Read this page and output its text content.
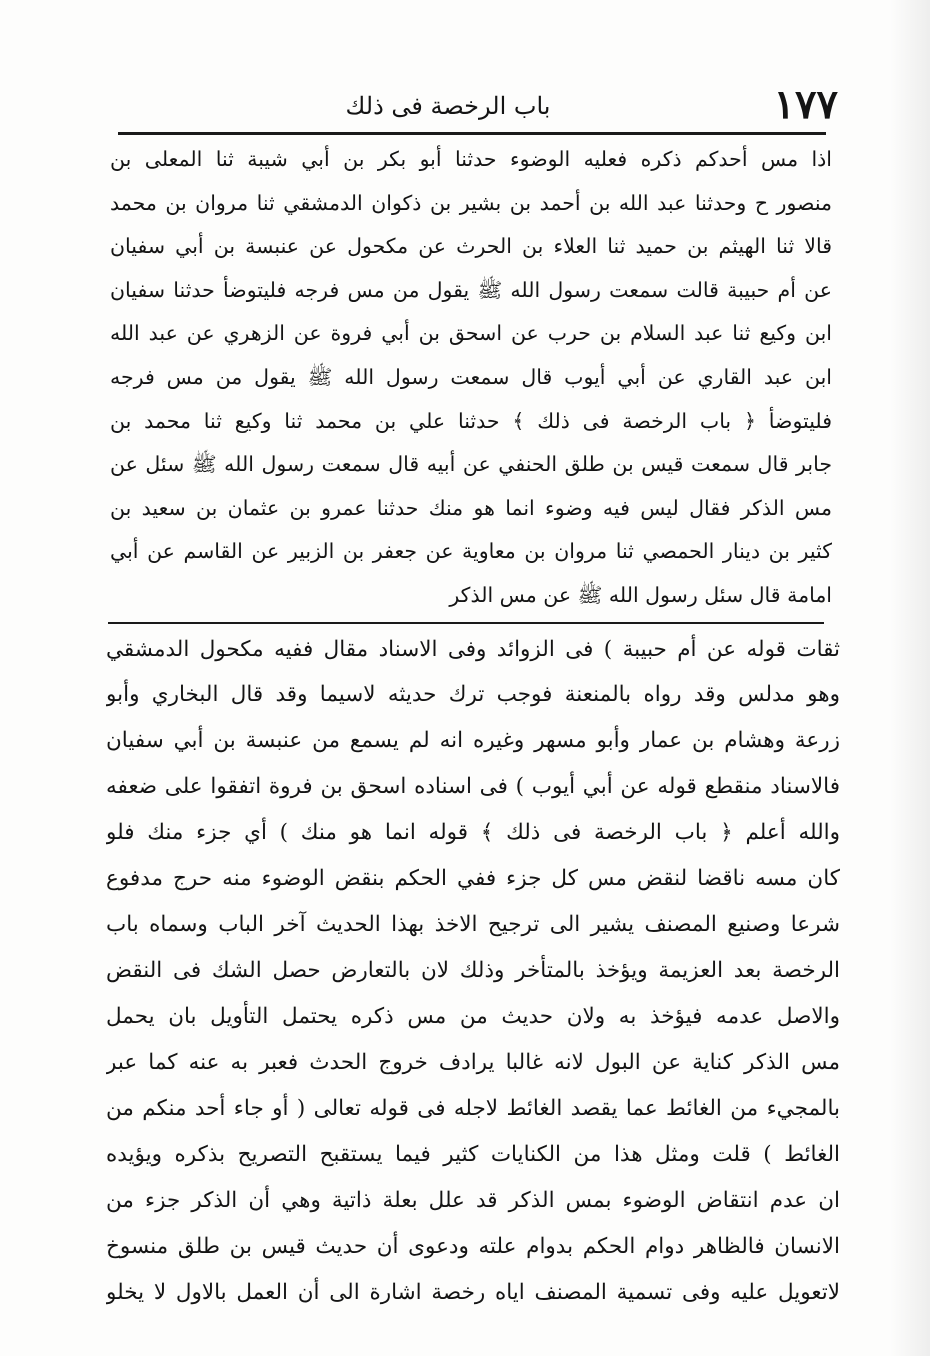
١٧٧
باب الرخصة فى ذلك
اذا مس أحدكم ذكره فعليه الوضوء حدثنا أبو بكر بن أبي شيبة ثنا المعلى بن
منصور ح وحدثنا عبد الله بن أحمد بن بشير بن ذكوان الدمشقي ثنا مروان بن محمد
قالا ثنا الهيثم بن حميد ثنا العلاء بن الحرث عن مكحول عن عنبسة بن أبي سفيان
عن أم حبيبة قالت سمعت رسول الله ﷺ يقول من مس فرجه فليتوضأ حدثنا سفيان
ابن وكيع ثنا عبد السلام بن حرب عن اسحق بن أبي فروة عن الزهري عن عبد الله
ابن عبد القاري عن أبي أيوب قال سمعت رسول الله ﷺ يقول من مس فرجه
فليتوضأ ﴿ باب الرخصة فى ذلك ﴾ حدثنا علي بن محمد ثنا وكيع ثنا محمد بن
جابر قال سمعت قيس بن طلق الحنفي عن أبيه قال سمعت رسول الله ﷺ سئل عن
مس الذكر فقال ليس فيه وضوء انما هو منك حدثنا عمرو بن عثمان بن سعيد بن
كثير بن دينار الحمصي ثنا مروان بن معاوية عن جعفر بن الزبير عن القاسم عن أبي
امامة قال سئل رسول الله ﷺ عن مس الذكر
ثقات قوله عن أم حبيبة ) فى الزوائد وفى الاسناد مقال ففيه مكحول الدمشقي
وهو مدلس وقد رواه بالمنعنة فوجب ترك حديثه لاسيما وقد قال البخاري وأبو
زرعة وهشام بن عمار وأبو مسهر وغيره انه لم يسمع من عنبسة بن أبي سفيان
فالاسناد منقطع قوله عن أبي أيوب ) فى اسناده اسحق بن فروة اتفقوا على ضعفه
والله أعلم ﴿ باب الرخصة فى ذلك ﴾ قوله انما هو منك ) أي جزء منك فلو
كان مسه ناقضا لنقض مس كل جزء ففي الحكم بنقض الوضوء منه حرج مدفوع
شرعا وصنيع المصنف يشير الى ترجيح الاخذ بهذا الحديث آخر الباب وسماه باب
الرخصة بعد العزيمة ويؤخذ بالمتأخر وذلك لان بالتعارض حصل الشك فى النقض
والاصل عدمه فيؤخذ به ولان حديث من مس ذكره يحتمل التأويل بان يحمل
مس الذكر كناية عن البول لانه غالبا يرادف خروج الحدث فعبر به عنه كما عبر
بالمجيء من الغائط عما يقصد الغائط لاجله فى قوله تعالى ( أو جاء أحد منكم من
الغائط ) قلت ومثل هذا من الكنايات كثير فيما يستقبح التصريح بذكره ويؤيده
ان عدم انتقاض الوضوء بمس الذكر قد علل بعلة ذاتية وهي أن الذكر جزء من
الانسان فالظاهر دوام الحكم بدوام علته ودعوى أن حديث قيس بن طلق منسوخ
لاتعويل عليه وفى تسمية المصنف اياه رخصة اشارة الى أن العمل بالاول لا يخلو
